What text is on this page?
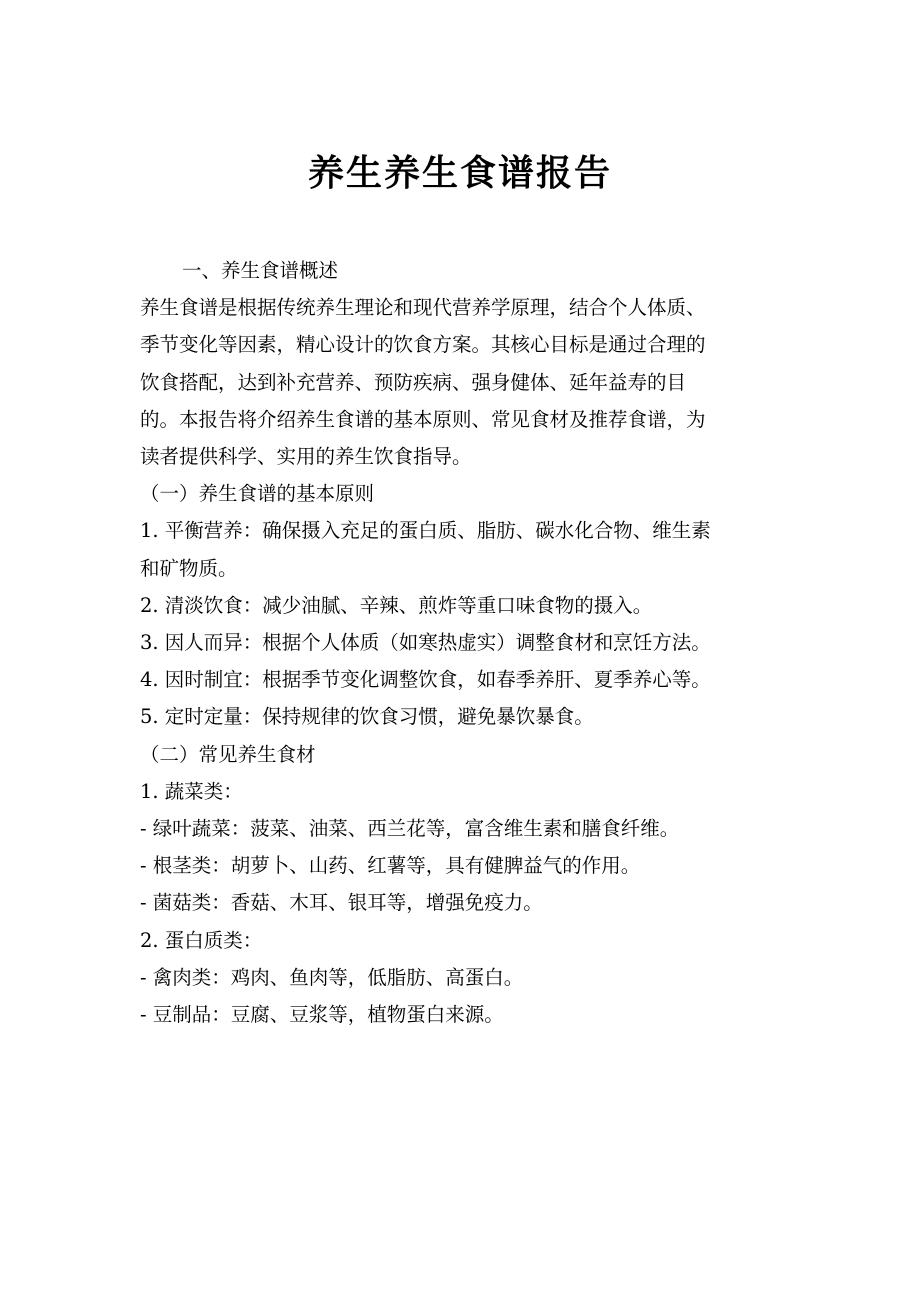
养生养生食谱报告

一、养生食谱概述

养生食谱是根据传统养生理论和现代营养学原理，结合个人体质、

季节变化等因素，精心设计的饮食方案。其核心目标是通过合理的

饮食搭配，达到补充营养、预防疾病、强身健体、延年益寿的目

的。本报告将介绍养生食谱的基本原则、常见食材及推荐食谱，为

读者提供科学、实用的养生饮食指导。

（一）养生食谱的基本原则

1. 平衡营养：确保摄入充足的蛋白质、脂肪、碳水化合物、维生素

和矿物质。

2. 清淡饮食：减少油腻、辛辣、煎炸等重口味食物的摄入。

3. 因人而异：根据个人体质（如寒热虚实）调整食材和烹饪方法。

4. 因时制宜：根据季节变化调整饮食，如春季养肝、夏季养心等。

5. 定时定量：保持规律的饮食习惯，避免暴饮暴食。

（二）常见养生食材

1. 蔬菜类：

- 绿叶蔬菜：菠菜、油菜、西兰花等，富含维生素和膳食纤维。

- 根茎类：胡萝卜、山药、红薯等，具有健脾益气的作用。

- 菌菇类：香菇、木耳、银耳等，增强免疫力。

2. 蛋白质类：

- 禽肉类：鸡肉、鱼肉等，低脂肪、高蛋白。

- 豆制品：豆腐、豆浆等，植物蛋白来源。
